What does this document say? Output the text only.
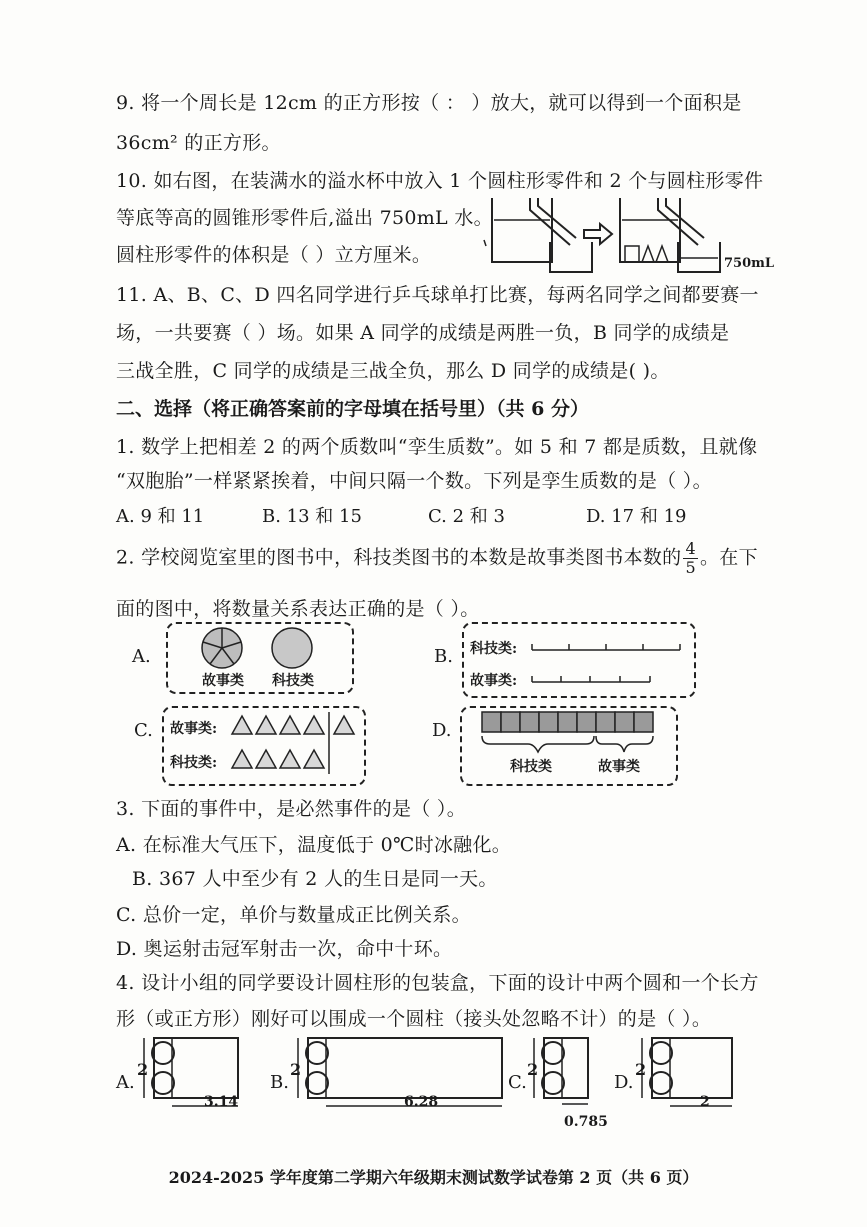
9. 将一个周长是 12cm 的正方形按（ ： ）放大，就可以得到一个面积是
36cm² 的正方形。
10. 如右图，在装满水的溢水杯中放入 1 个圆柱形零件和 2 个与圆柱形零件
等底等高的圆锥形零件后,溢出 750mL 水。
圆柱形零件的体积是（ ）立方厘米。	750mL
11. A、B、C、D 四名同学进行乒乓球单打比赛，每两名同学之间都要赛一
场，一共要赛（ ）场。如果 A 同学的成绩是两胜一负，B 同学的成绩是
三战全胜，C 同学的成绩是三战全负，那么 D 同学的成绩是( )。
二、选择（将正确答案前的字母填在括号里）（共 6 分）
1. 数学上把相差 2 的两个质数叫“孪生质数”。如 5 和 7 都是质数，且就像
“双胞胎”一样紧紧挨着，中间只隔一个数。下列是孪生质数的是（ ）。
A. 9 和 11	B. 13 和 15	C. 2 和 3	D. 17 和 19
2. 学校阅览室里的图书中，科技类图书的本数是故事类图书本数的 $\frac{4}{5}$ 。在下
面的图中，将数量关系表达正确的是（ ）。
A.
故事类 科技类
B. 科技类:
故事类:
C. 故事类:
科技类:
D.
科技类	故事类
3. 下面的事件中，是必然事件的是（ ）。
A. 在标准大气压下，温度低于 0℃时冰融化。
B. 367 人中至少有 2 人的生日是同一天。
C. 总价一定，单价与数量成正比例关系。
D. 奥运射击冠军射击一次，命中十环。
4. 设计小组的同学要设计圆柱形的包装盒，下面的设计中两个圆和一个长方
形（或正方形）刚好可以围成一个圆柱（接头处忽略不计）的是（ ）。
A.
2
3.14
B.
2
6.28
C.
2
0.785
D.
2
2
2024-2025 学年度第二学期六年级期末测试数学试卷第 2 页（共 6 页）
